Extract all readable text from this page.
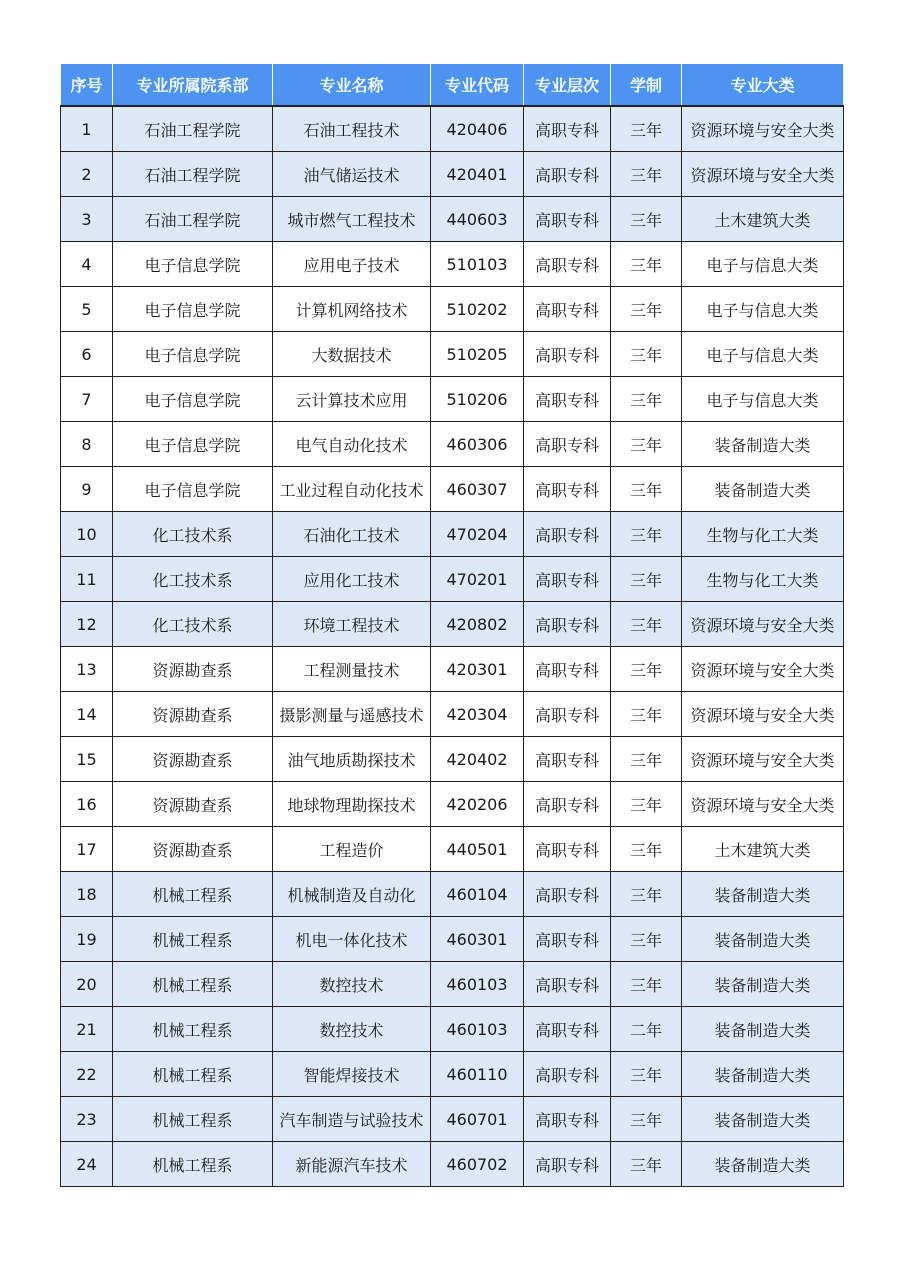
序号	专业所属院系部	专业名称	专业代码	专业层次	学制	专业大类
1	石油工程学院	石油工程技术	420406	高职专科	三年	资源环境与安全大类
2	石油工程学院	油气储运技术	420401	高职专科	三年	资源环境与安全大类
3	石油工程学院	城市燃气工程技术	440603	高职专科	三年	土木建筑大类
4	电子信息学院	应用电子技术	510103	高职专科	三年	电子与信息大类
5	电子信息学院	计算机网络技术	510202	高职专科	三年	电子与信息大类
6	电子信息学院	大数据技术	510205	高职专科	三年	电子与信息大类
7	电子信息学院	云计算技术应用	510206	高职专科	三年	电子与信息大类
8	电子信息学院	电气自动化技术	460306	高职专科	三年	装备制造大类
9	电子信息学院	工业过程自动化技术	460307	高职专科	三年	装备制造大类
10	化工技术系	石油化工技术	470204	高职专科	三年	生物与化工大类
11	化工技术系	应用化工技术	470201	高职专科	三年	生物与化工大类
12	化工技术系	环境工程技术	420802	高职专科	三年	资源环境与安全大类
13	资源勘查系	工程测量技术	420301	高职专科	三年	资源环境与安全大类
14	资源勘查系	摄影测量与遥感技术	420304	高职专科	三年	资源环境与安全大类
15	资源勘查系	油气地质勘探技术	420402	高职专科	三年	资源环境与安全大类
16	资源勘查系	地球物理勘探技术	420206	高职专科	三年	资源环境与安全大类
17	资源勘查系	工程造价	440501	高职专科	三年	土木建筑大类
18	机械工程系	机械制造及自动化	460104	高职专科	三年	装备制造大类
19	机械工程系	机电一体化技术	460301	高职专科	三年	装备制造大类
20	机械工程系	数控技术	460103	高职专科	三年	装备制造大类
21	机械工程系	数控技术	460103	高职专科	二年	装备制造大类
22	机械工程系	智能焊接技术	460110	高职专科	三年	装备制造大类
23	机械工程系	汽车制造与试验技术	460701	高职专科	三年	装备制造大类
24	机械工程系	新能源汽车技术	460702	高职专科	三年	装备制造大类
